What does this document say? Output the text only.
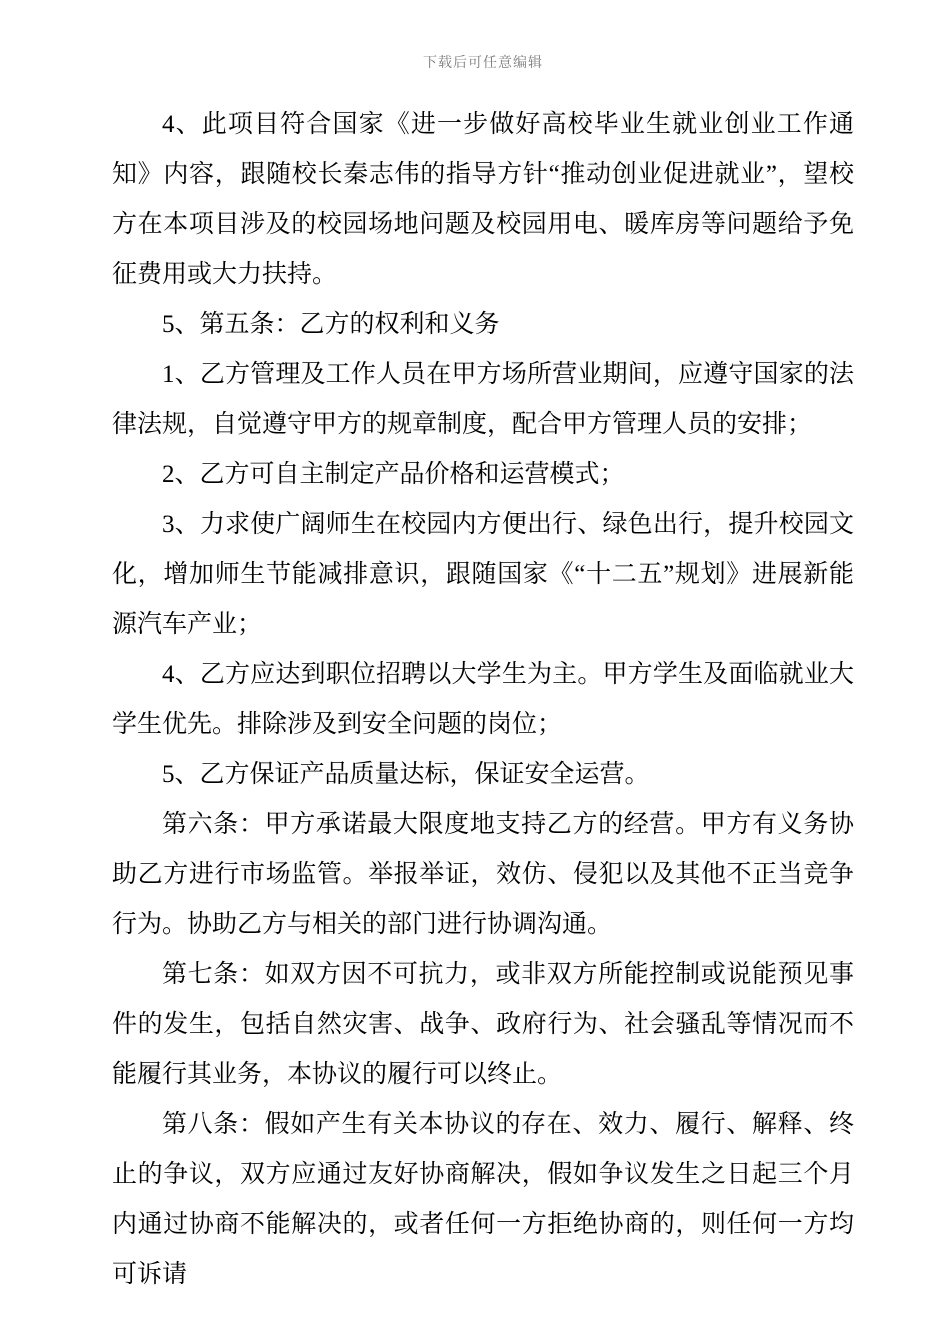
下载后可任意编辑

4、此项目符合国家《进一步做好高校毕业生就业创业工作通知》内容，跟随校长秦志伟的指导方针“推动创业促进就业”，望校方在本项目涉及的校园场地问题及校园用电、暖库房等问题给予免征费用或大力扶持。

5、第五条：乙方的权利和义务

1、乙方管理及工作人员在甲方场所营业期间，应遵守国家的法律法规，自觉遵守甲方的规章制度，配合甲方管理人员的安排；

2、乙方可自主制定产品价格和运营模式；

3、力求使广阔师生在校园内方便出行、绿色出行，提升校园文化，增加师生节能减排意识，跟随国家《“十二五”规划》进展新能源汽车产业；

4、乙方应达到职位招聘以大学生为主。甲方学生及面临就业大学生优先。排除涉及到安全问题的岗位；

5、乙方保证产品质量达标，保证安全运营。

第六条：甲方承诺最大限度地支持乙方的经营。甲方有义务协助乙方进行市场监管。举报举证，效仿、侵犯以及其他不正当竞争行为。协助乙方与相关的部门进行协调沟通。

第七条：如双方因不可抗力，或非双方所能控制或说能预见事件的发生，包括自然灾害、战争、政府行为、社会骚乱等情况而不能履行其业务，本协议的履行可以终止。

第八条：假如产生有关本协议的存在、效力、履行、解释、终止的争议，双方应通过友好协商解决，假如争议发生之日起三个月内通过协商不能解决的，或者任何一方拒绝协商的，则任何一方均可诉请
